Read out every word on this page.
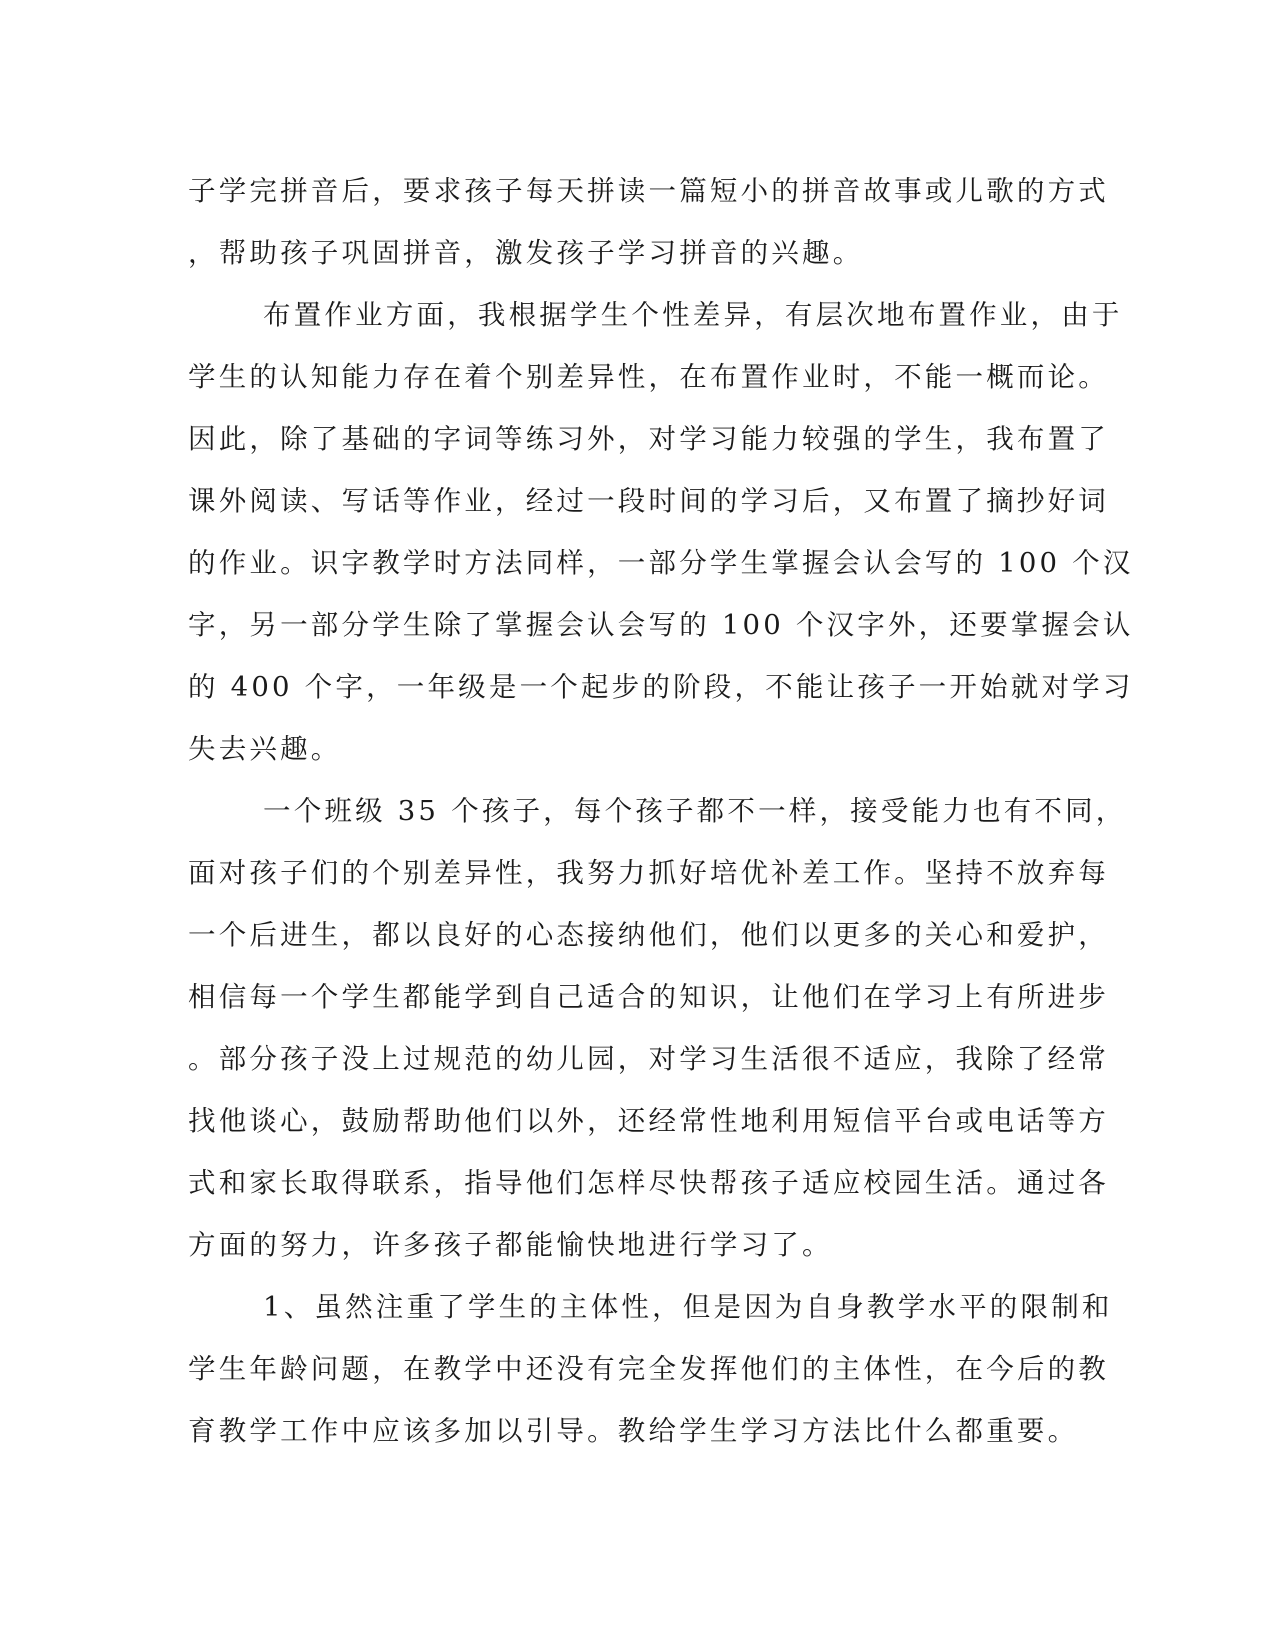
子学完拼音后，要求孩子每天拼读一篇短小的拼音故事或儿歌的方式
，帮助孩子巩固拼音，激发孩子学习拼音的兴趣。
布置作业方面，我根据学生个性差异，有层次地布置作业，由于
学生的认知能力存在着个别差异性，在布置作业时，不能一概而论。
因此，除了基础的字词等练习外，对学习能力较强的学生，我布置了
课外阅读、写话等作业，经过一段时间的学习后，又布置了摘抄好词
的作业。识字教学时方法同样，一部分学生掌握会认会写的 100 个汉
字，另一部分学生除了掌握会认会写的 100 个汉字外，还要掌握会认
的 400 个字，一年级是一个起步的阶段，不能让孩子一开始就对学习
失去兴趣。
一个班级 35 个孩子，每个孩子都不一样，接受能力也有不同，
面对孩子们的个别差异性，我努力抓好培优补差工作。坚持不放弃每
一个后进生，都以良好的心态接纳他们，他们以更多的关心和爱护，
相信每一个学生都能学到自己适合的知识，让他们在学习上有所进步
。部分孩子没上过规范的幼儿园，对学习生活很不适应，我除了经常
找他谈心，鼓励帮助他们以外，还经常性地利用短信平台或电话等方
式和家长取得联系，指导他们怎样尽快帮孩子适应校园生活。通过各
方面的努力，许多孩子都能愉快地进行学习了。
1、虽然注重了学生的主体性，但是因为自身教学水平的限制和
学生年龄问题，在教学中还没有完全发挥他们的主体性，在今后的教
育教学工作中应该多加以引导。教给学生学习方法比什么都重要。
